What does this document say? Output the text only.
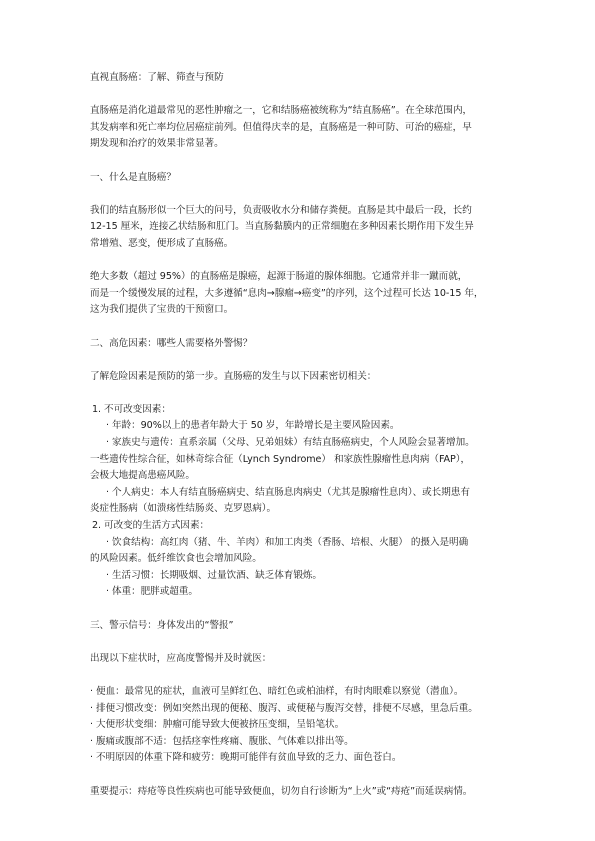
直视直肠癌：了解、筛查与预防
直肠癌是消化道最常见的恶性肿瘤之一，它和结肠癌被统称为“结直肠癌”。在全球范围内，
其发病率和死亡率均位居癌症前列。但值得庆幸的是，直肠癌是一种可防、可治的癌症，早
期发现和治疗的效果非常显著。
一、什么是直肠癌？
我们的结直肠形似一个巨大的问号，负责吸收水分和储存粪便。直肠是其中最后一段，长约
12-15 厘米，连接乙状结肠和肛门。当直肠黏膜内的正常细胞在多种因素长期作用下发生异
常增殖、恶变，便形成了直肠癌。
绝大多数（超过 95%）的直肠癌是腺癌，起源于肠道的腺体细胞。它通常并非一蹴而就，
而是一个缓慢发展的过程，大多遵循“息肉→腺瘤→癌变”的序列，这个过程可长达 10-15 年，
这为我们提供了宝贵的干预窗口。
二、高危因素：哪些人需要格外警惕？
了解危险因素是预防的第一步。直肠癌的发生与以下因素密切相关：
1. 不可改变因素：
· 年龄：90%以上的患者年龄大于 50 岁，年龄增长是主要风险因素。
· 家族史与遗传：直系亲属（父母、兄弟姐妹）有结直肠癌病史，个人风险会显著增加。
一些遗传性综合征，如林奇综合征（Lynch Syndrome） 和家族性腺瘤性息肉病（FAP），
会极大地提高患癌风险。
· 个人病史：本人有结直肠癌病史、结直肠息肉病史（尤其是腺瘤性息肉）、或长期患有
炎症性肠病（如溃疡性结肠炎、克罗恩病）。
2. 可改变的生活方式因素：
· 饮食结构：高红肉（猪、牛、羊肉）和加工肉类（香肠、培根、火腿） 的摄入是明确
的风险因素。低纤维饮食也会增加风险。
· 生活习惯：长期吸烟、过量饮酒、缺乏体育锻炼。
· 体重：肥胖或超重。
三、警示信号：身体发出的“警报”
出现以下症状时，应高度警惕并及时就医：
· 便血：最常见的症状，血液可呈鲜红色、暗红色或柏油样，有时肉眼难以察觉（潜血）。
· 排便习惯改变：例如突然出现的便秘、腹泻、或便秘与腹泻交替，排便不尽感，里急后重。
· 大便形状变细：肿瘤可能导致大便被挤压变细，呈铅笔状。
· 腹痛或腹部不适：包括痉挛性疼痛、腹胀、气体难以排出等。
· 不明原因的体重下降和疲劳：晚期可能伴有贫血导致的乏力、面色苍白。
重要提示：痔疮等良性疾病也可能导致便血，切勿自行诊断为“上火”或“痔疮”而延误病情。
